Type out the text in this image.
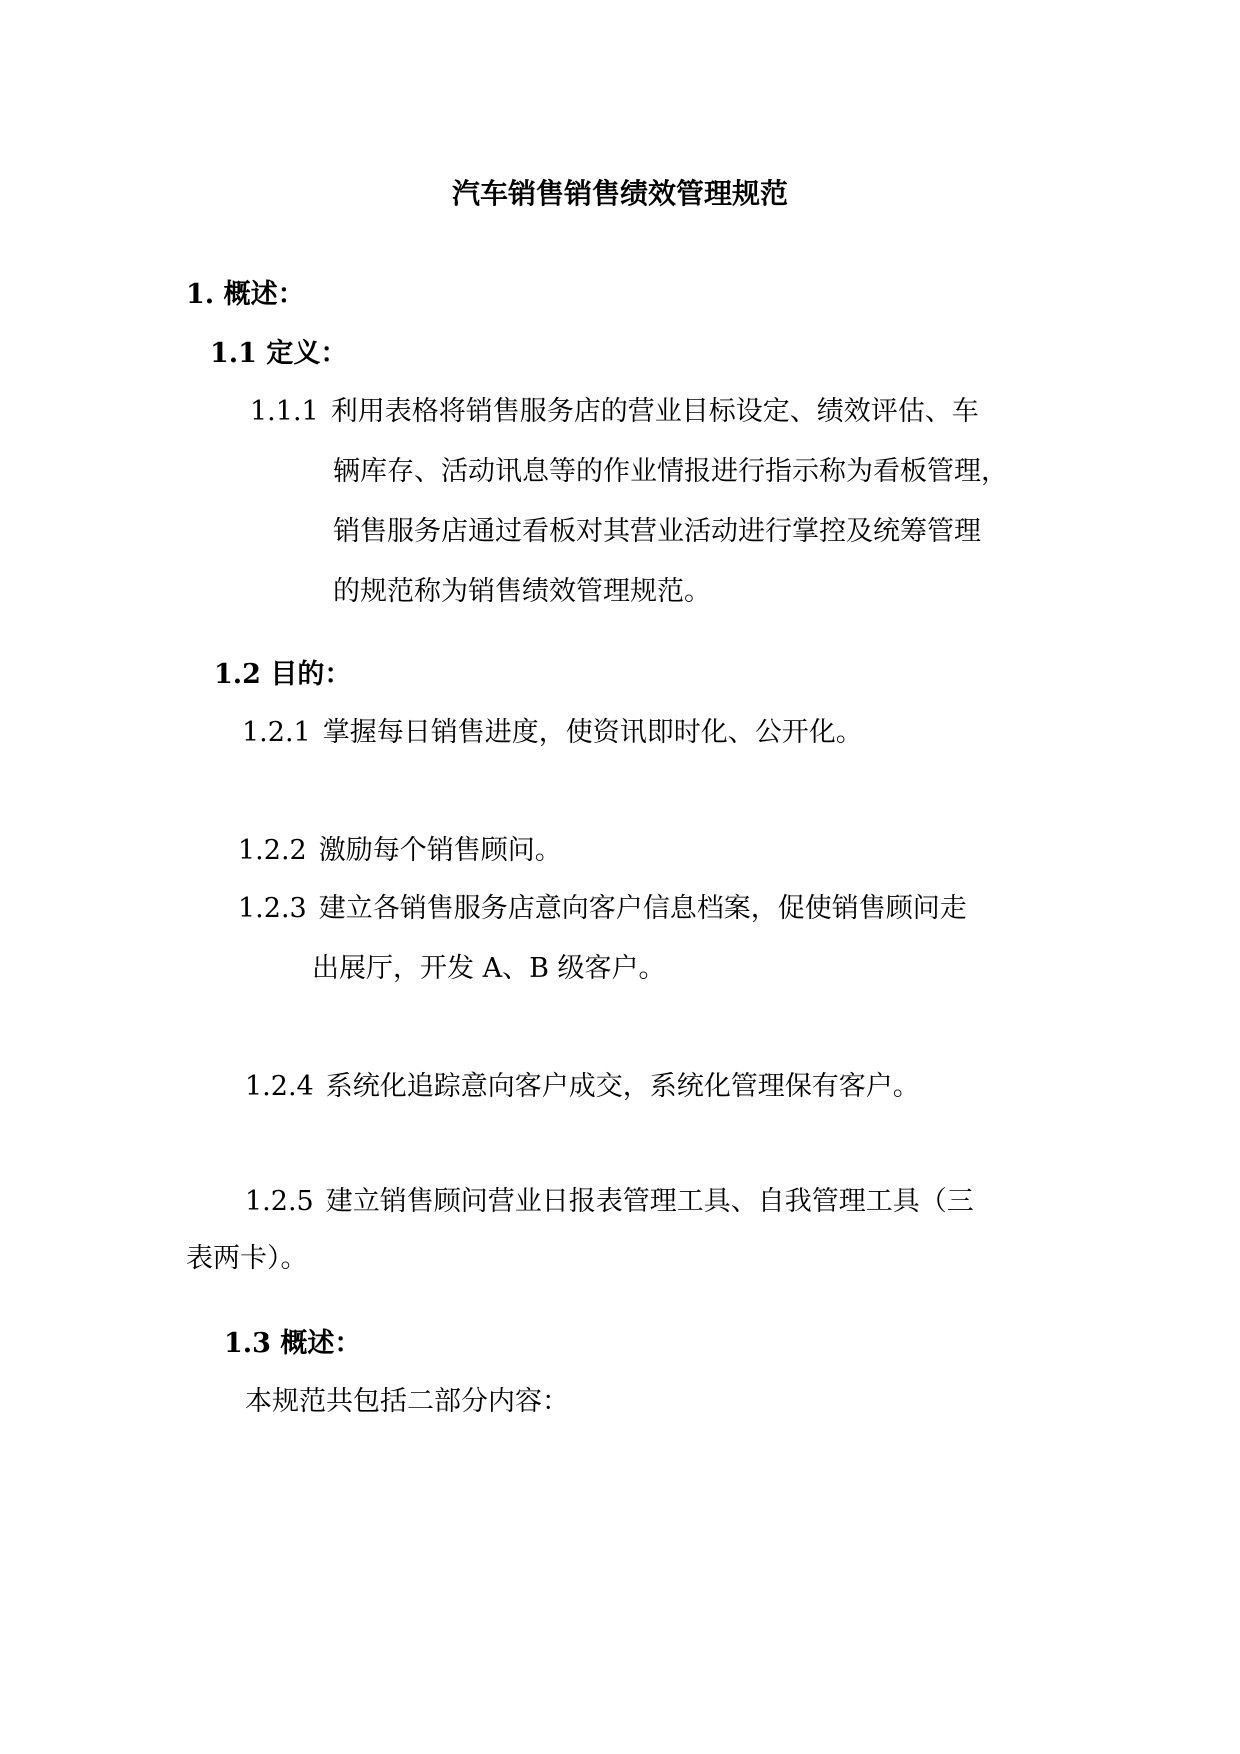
汽车销售销售绩效管理规范
1. 概述：
1.1 定义：
1.1.1 利用表格将销售服务店的营业目标设定、绩效评估、车
辆库存、活动讯息等的作业情报进行指示称为看板管理，
销售服务店通过看板对其营业活动进行掌控及统筹管理
的规范称为销售绩效管理规范。
1.2 目的：
1.2.1 掌握每日销售进度，使资讯即时化、公开化。
1.2.2 激励每个销售顾问。
1.2.3 建立各销售服务店意向客户信息档案，促使销售顾问走
出展厅，开发 A、B 级客户。
1.2.4 系统化追踪意向客户成交，系统化管理保有客户。
1.2.5 建立销售顾问营业日报表管理工具、自我管理工具（三
表两卡）。
1.3 概述：
本规范共包括二部分内容：
